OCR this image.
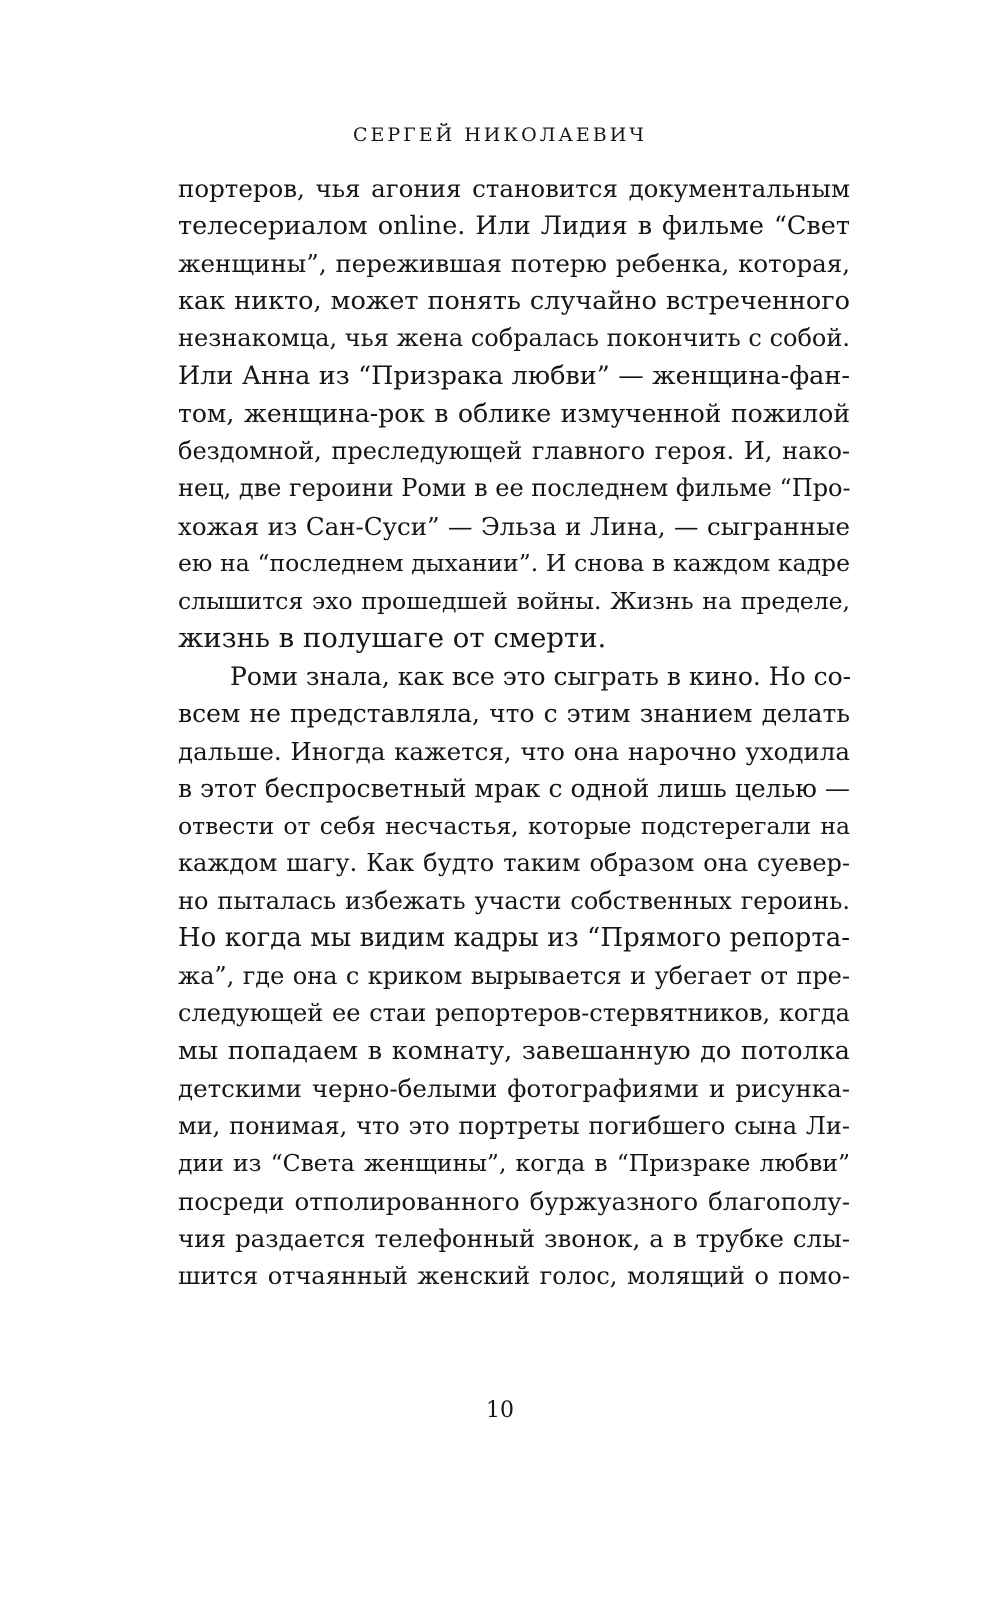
СЕРГЕЙ НИКОЛАЕВИЧ
портеров, чья агония становится документальным
телесериалом online. Или Лидия в фильме “Свет
женщины”, пережившая потерю ребенка, которая,
как никто, может понять случайно встреченного
незнакомца, чья жена собралась покончить с собой.
Или Анна из “Призрака любви” — женщина-фан-
том, женщина-рок в облике измученной пожилой
бездомной, преследующей главного героя. И, нако-
нец, две героини Роми в ее последнем фильме “Про-
хожая из Сан-Суси” — Эльза и Лина, — сыгранные
ею на “последнем дыхании”. И снова в каждом кадре
слышится эхо прошедшей войны. Жизнь на пределе,
жизнь в полушаге от смерти.
Роми знала, как все это сыграть в кино. Но со-
всем не представляла, что с этим знанием делать
дальше. Иногда кажется, что она нарочно уходила
в этот беспросветный мрак с одной лишь целью —
отвести от себя несчастья, которые подстерегали на
каждом шагу. Как будто таким образом она суевер-
но пыталась избежать участи собственных героинь.
Но когда мы видим кадры из “Прямого репорта-
жа”, где она с криком вырывается и убегает от пре-
следующей ее стаи репортеров-стервятников, когда
мы попадаем в комнату, завешанную до потолка
детскими черно-белыми фотографиями и рисунка-
ми, понимая, что это портреты погибшего сына Ли-
дии из “Света женщины”, когда в “Призраке любви”
посреди отполированного буржуазного благополу-
чия раздается телефонный звонок, а в трубке слы-
шится отчаянный женский голос, молящий о помо-
10
